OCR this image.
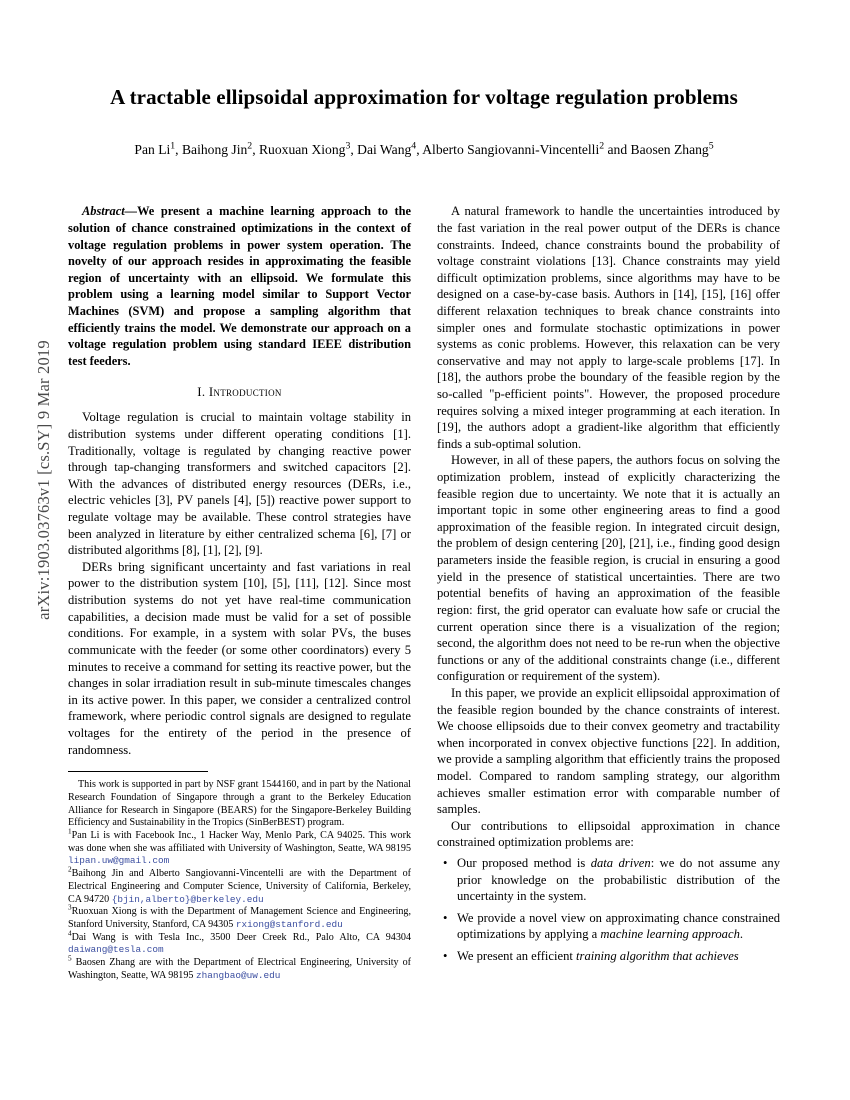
arXiv:1903.03763v1 [cs.SY] 9 Mar 2019
A tractable ellipsoidal approximation for voltage regulation problems
Pan Li$^1$, Baihong Jin$^2$, Ruoxuan Xiong$^3$, Dai Wang$^4$, Alberto Sangiovanni-Vincentelli$^2$ and Baosen Zhang$^5$

Abstract—We present a machine learning approach to the solution of chance constrained optimizations in the context of voltage regulation problems in power system operation. The novelty of our approach resides in approximating the feasible region of uncertainty with an ellipsoid. We formulate this problem using a learning model similar to Support Vector Machines (SVM) and propose a sampling algorithm that efficiently trains the model. We demonstrate our approach on a voltage regulation problem using standard IEEE distribution test feeders.

I. Introduction

Voltage regulation is crucial to maintain voltage stability in distribution systems under different operating conditions [1]. Traditionally, voltage is regulated by changing reactive power through tap-changing transformers and switched capacitors [2]. With the advances of distributed energy resources (DERs, i.e., electric vehicles [3], PV panels [4], [5]) reactive power support to regulate voltage may be available. These control strategies have been analyzed in literature by either centralized schema [6], [7] or distributed algorithms [8], [1], [2], [9].

DERs bring significant uncertainty and fast variations in real power to the distribution system [10], [5], [11], [12]. Since most distribution systems do not yet have real-time communication capabilities, a decision made must be valid for a set of possible conditions. For example, in a system with solar PVs, the buses communicate with the feeder (or some other coordinators) every 5 minutes to receive a command for setting its reactive power, but the changes in solar irradiation result in sub-minute timescales changes in its active power. In this paper, we consider a centralized control framework, where periodic control signals are designed to regulate voltages for the entirety of the period in the presence of randomness.

This work is supported in part by NSF grant 1544160, and in part by the National Research Foundation of Singapore through a grant to the Berkeley Education Alliance for Research in Singapore (BEARS) for the Singapore-Berkeley Building Efficiency and Sustainability in the Tropics (SinBerBEST) program.

$^1$Pan Li is with Facebook Inc., 1 Hacker Way, Menlo Park, CA 94025. This work was done when she was affiliated with University of Washington, Seatte, WA 98195 lipan.uw@gmail.com

$^2$Baihong Jin and Alberto Sangiovanni-Vincentelli are with the Department of Electrical Engineering and Computer Science, University of California, Berkeley, CA 94720 {bjin,alberto}@berkeley.edu

$^3$Ruoxuan Xiong is with the Department of Management Science and Engineering, Stanford University, Stanford, CA 94305 rxiong@stanford.edu

$^4$Dai Wang is with Tesla Inc., 3500 Deer Creek Rd., Palo Alto, CA 94304 daiwang@tesla.com

$^5$ Baosen Zhang are with the Department of Electrical Engineering, University of Washington, Seatte, WA 98195 zhangbao@uw.edu

A natural framework to handle the uncertainties introduced by the fast variation in the real power output of the DERs is chance constraints. Indeed, chance constraints bound the probability of voltage constraint violations [13]. Chance constraints may yield difficult optimization problems, since algorithms may have to be designed on a case-by-case basis. Authors in [14], [15], [16] offer different relaxation techniques to break chance constraints into simpler ones and formulate stochastic optimizations in power systems as conic problems. However, this relaxation can be very conservative and may not apply to large-scale problems [17]. In [18], the authors probe the boundary of the feasible region by the so-called "p-efficient points". However, the proposed procedure requires solving a mixed integer programming at each iteration. In [19], the authors adopt a gradient-like algorithm that efficiently finds a sub-optimal solution.

However, in all of these papers, the authors focus on solving the optimization problem, instead of explicitly characterizing the feasible region due to uncertainty. We note that it is actually an important topic in some other engineering areas to find a good approximation of the feasible region. In integrated circuit design, the problem of design centering [20], [21], i.e., finding good design parameters inside the feasible region, is crucial in ensuring a good yield in the presence of statistical uncertainties. There are two potential benefits of having an approximation of the feasible region: first, the grid operator can evaluate how safe or crucial the current operation since there is a visualization of the region; second, the algorithm does not need to be re-run when the objective functions or any of the additional constraints change (i.e., different configuration or requirement of the system).

In this paper, we provide an explicit ellipsoidal approximation of the feasible region bounded by the chance constraints of interest. We choose ellipsoids due to their convex geometry and tractability when incorporated in convex objective functions [22]. In addition, we provide a sampling algorithm that efficiently trains the proposed model. Compared to random sampling strategy, our algorithm achieves smaller estimation error with comparable number of samples.

Our contributions to ellipsoidal approximation in chance constrained optimization problems are:

• Our proposed method is data driven: we do not assume any prior knowledge on the probabilistic distribution of the uncertainty in the system.
• We provide a novel view on approximating chance constrained optimizations by applying a machine learning approach.
• We present an efficient training algorithm that achieves
